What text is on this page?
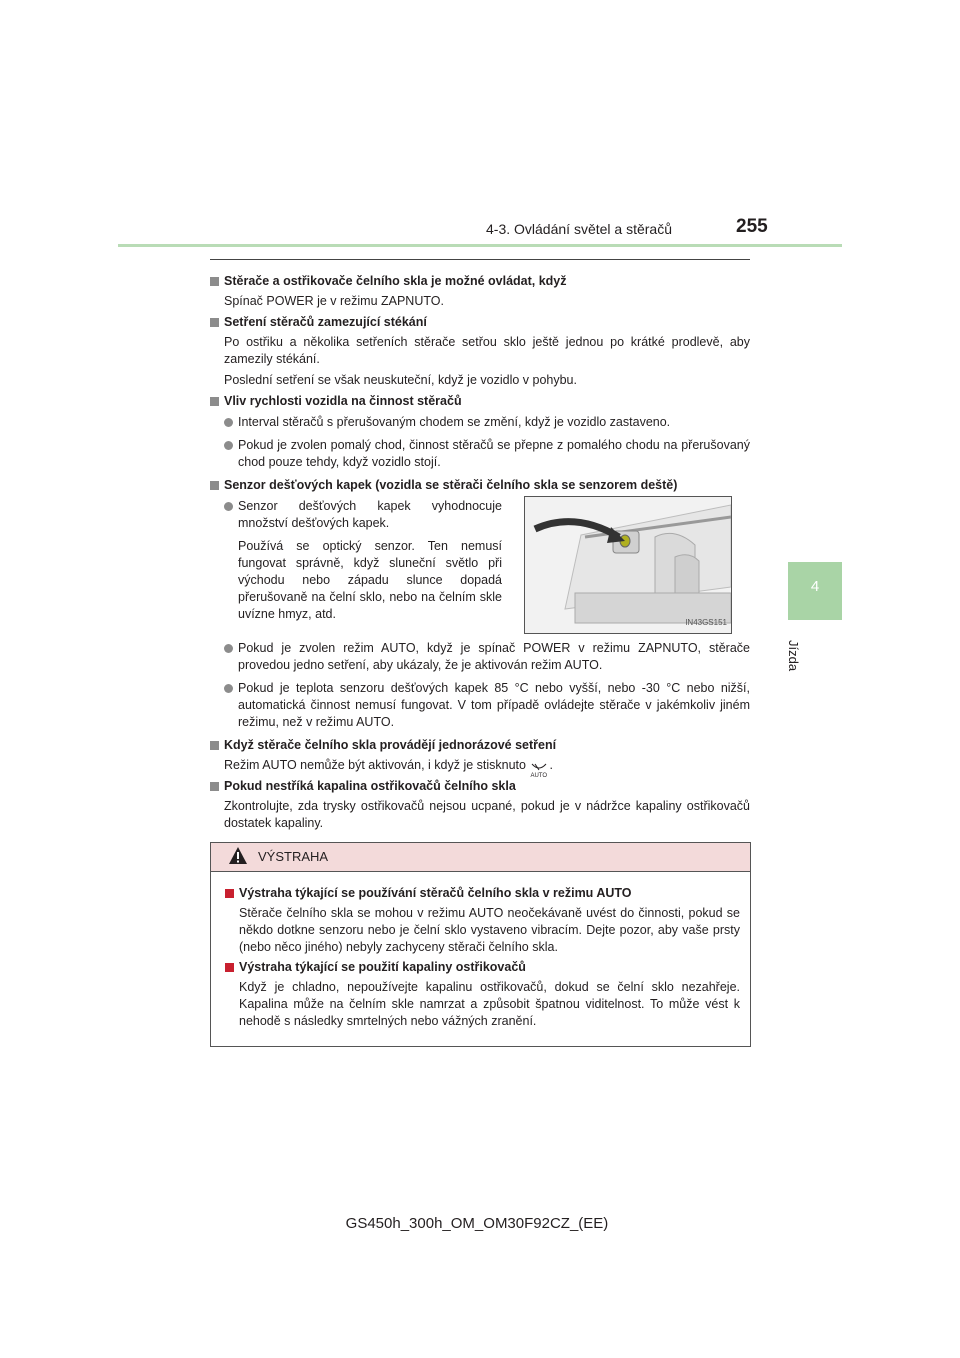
4-3. Ovládání světel a stěračů	255
4
Jízda
Stěrače a ostřikovače čelního skla je možné ovládat, když
Spínač POWER je v režimu ZAPNUTO.
Setření stěračů zamezující stékání
Po ostřiku a několika setřeních stěrače setřou sklo ještě jednou po krátké prodlevě, aby zamezily stékání.
Poslední setření se však neuskuteční, když je vozidlo v pohybu.
Vliv rychlosti vozidla na činnost stěračů
Interval stěračů s přerušovaným chodem se změní, když je vozidlo zastaveno.
Pokud je zvolen pomalý chod, činnost stěračů se přepne z pomalého chodu na přerušovaný chod pouze tehdy, když vozidlo stojí.
Senzor dešťových kapek (vozidla se stěrači čelního skla se senzorem deště)
Senzor dešťových kapek vyhodnocuje množství dešťových kapek.
Používá se optický senzor. Ten nemusí fungovat správně, když sluneční světlo při východu nebo západu slunce dopadá přerušovaně na čelní sklo, nebo na čelním skle uvízne hmyz, atd.
IN43GS151
Pokud je zvolen režim AUTO, když je spínač POWER v režimu ZAPNUTO, stěrače provedou jedno setření, aby ukázaly, že je aktivován režim AUTO.
Pokud je teplota senzoru dešťových kapek 85 °C nebo vyšší, nebo -30 °C nebo nižší, automatická činnost nemusí fungovat. V tom případě ovládejte stěrače v jakémkoliv jiném režimu, než v režimu AUTO.
Když stěrače čelního skla provádějí jednorázové setření
Režim AUTO nemůže být aktivován, i když je stisknuto
AUTO
.
Pokud nestříká kapalina ostřikovačů čelního skla
Zkontrolujte, zda trysky ostřikovačů nejsou ucpané, pokud je v nádržce kapaliny ostřikovačů dostatek kapaliny.
VÝSTRAHA
Výstraha týkající se používání stěračů čelního skla v režimu AUTO
Stěrače čelního skla se mohou v režimu AUTO neočekávaně uvést do činnosti, pokud se někdo dotkne senzoru nebo je čelní sklo vystaveno vibracím. Dejte pozor, aby vaše prsty (nebo něco jiného) nebyly zachyceny stěrači čelního skla.
Výstraha týkající se použití kapaliny ostřikovačů
Když je chladno, nepoužívejte kapalinu ostřikovačů, dokud se čelní sklo nezahřeje. Kapalina může na čelním skle namrzat a způsobit špatnou viditelnost. To může vést k nehodě s následky smrtelných nebo vážných zranění.
GS450h_300h_OM_OM30F92CZ_(EE)
